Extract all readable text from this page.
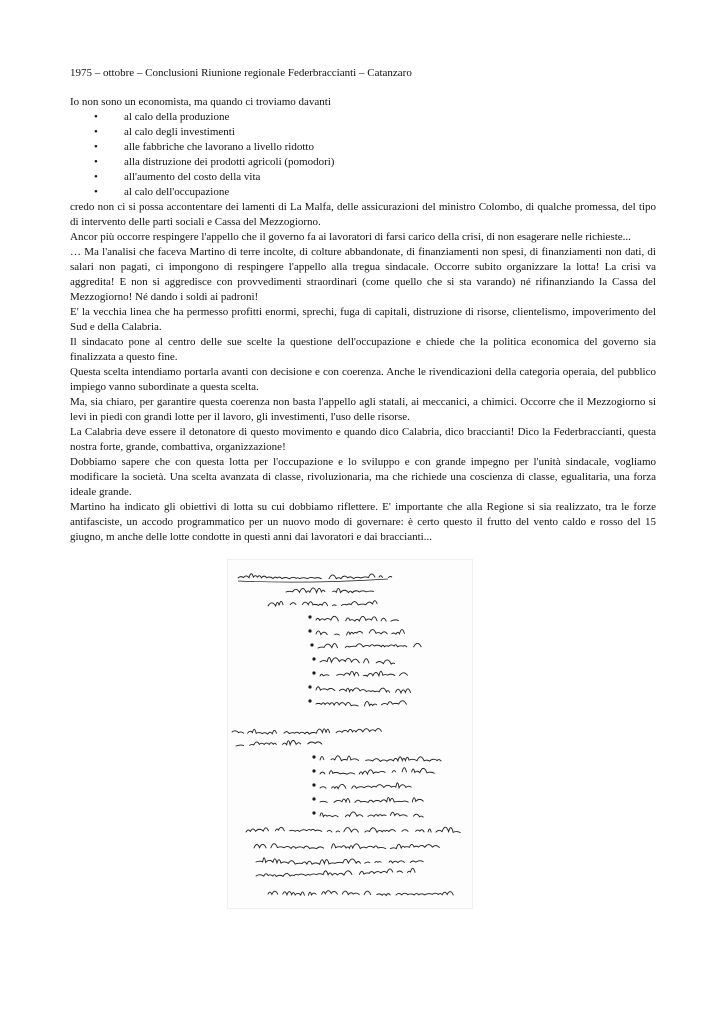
1975 – ottobre – Conclusioni Riunione regionale Federbraccianti – Catanzaro

Io non sono un economista, ma quando ci troviamo davanti

• al calo della produzione
• al calo degli investimenti
• alle fabbriche che lavorano a livello ridotto
• alla distruzione dei prodotti agricoli (pomodori)
• all'aumento del costo della vita
• al calo dell'occupazione

credo non ci si possa accontentare dei lamenti di La Malfa, delle assicurazioni del ministro Colombo, di qualche promessa, del tipo di intervento delle parti sociali e Cassa del Mezzogiorno.

Ancor più occorre respingere l'appello che il governo fa ai lavoratori di farsi carico della crisi, di non esagerare nelle richieste...

… Ma l'analisi che faceva Martino di terre incolte, di colture abbandonate, di finanziamenti non spesi, di finanziamenti non dati, di salari non pagati, ci impongono di respingere l'appello alla tregua sindacale. Occorre subito organizzare la lotta! La crisi va aggredita! E non si aggredisce con provvedimenti straordinari (come quello che si sta varando) né rifinanziando la Cassa del Mezzogiorno! Né dando i soldi ai padroni!

E' la vecchia linea che ha permesso profitti enormi, sprechi, fuga di capitali, distruzione di risorse, clientelismo, impoverimento del Sud e della Calabria.

Il sindacato pone al centro delle sue scelte la questione dell'occupazione e chiede che la politica economica del governo sia finalizzata a questo fine.

Questa scelta intendiamo portarla avanti con decisione e con coerenza. Anche le rivendicazioni della categoria operaia, del pubblico impiego vanno subordinate a questa scelta.

Ma, sia chiaro, per garantire questa coerenza non basta l'appello agli statali, ai meccanici, a chimici. Occorre che il Mezzogiorno si levi in piedi con grandi lotte per il lavoro, gli investimenti, l'uso delle risorse.

La Calabria deve essere il detonatore di questo movimento e quando dico Calabria, dico braccianti! Dico la Federbraccianti, questa nostra forte, grande, combattiva, organizzazione!

Dobbiamo sapere che con questa lotta per l'occupazione e lo sviluppo e con grande impegno per l'unità sindacale, vogliamo modificare la società. Una scelta avanzata di classe, rivoluzionaria, ma che richiede una coscienza di classe, egualitaria, una forza ideale grande.

Martino ha indicato gli obiettivi di lotta su cui dobbiamo riflettere. E' importante che alla Regione si sia realizzato, tra le forze antifasciste, un accodo programmatico per un nuovo modo di governare: è certo questo il frutto del vento caldo e rosso del 15 giugno, m anche delle lotte condotte in questi anni dai lavoratori e dai braccianti...
